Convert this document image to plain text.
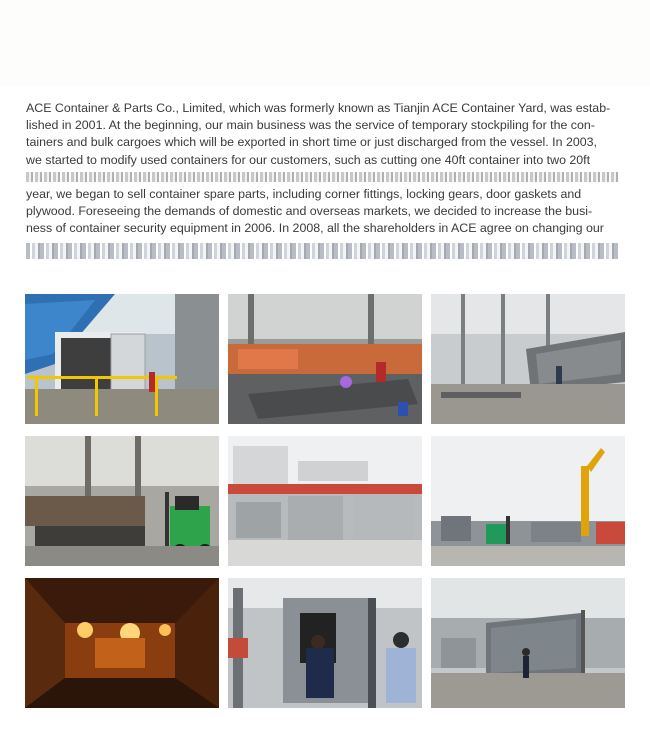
ACE Container & Parts Co., Limited, which was formerly known as Tianjin ACE Container Yard, was estab-
lished in 2001. At the beginning, our main business was the service of temporary stockpiling for the con-
tainers and bulk cargoes which will be exported in short time or just discharged from the vessel. In 2003,
we started to modify used containers for our customers, such as cutting one 40ft container into two 20ft
year, we began to sell container spare parts, including corner fittings, locking gears, door gaskets and
plywood. Foreseeing the demands of domestic and overseas markets, we decided to increase the busi-
ness of container security equipment in 2006. In 2008, all the shareholders in ACE agree on changing our
